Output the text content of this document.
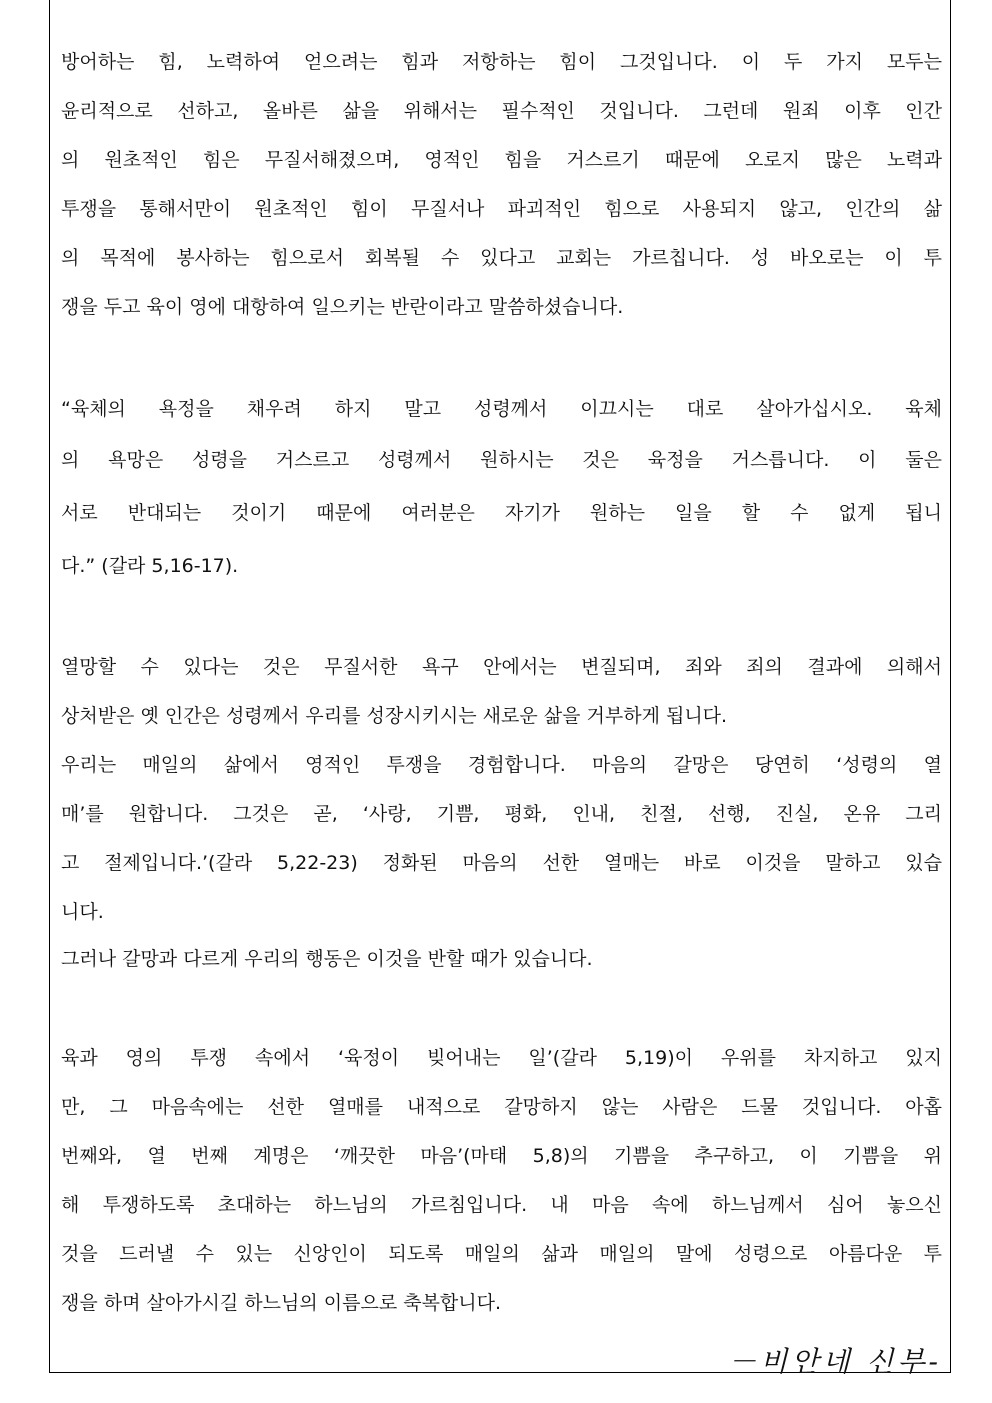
방어하는 힘, 노력하여 얻으려는 힘과 저항하는 힘이 그것입니다. 이 두 가지 모두는
윤리적으로 선하고, 올바른 삶을 위해서는 필수적인 것입니다. 그런데 원죄 이후 인간
의 원초적인 힘은 무질서해졌으며, 영적인 힘을 거스르기 때문에 오로지 많은 노력과
투쟁을 통해서만이 원초적인 힘이 무질서나 파괴적인 힘으로 사용되지 않고, 인간의 삶
의 목적에 봉사하는 힘으로서 회복될 수 있다고 교회는 가르칩니다. 성 바오로는 이 투
쟁을 두고 육이 영에 대항하여 일으키는 반란이라고 말씀하셨습니다.
“육체의 욕정을 채우려 하지 말고 성령께서 이끄시는 대로 살아가십시오. 육체
의 욕망은 성령을 거스르고 성령께서 원하시는 것은 육정을 거스릅니다. 이 둘은
서로 반대되는 것이기 때문에 여러분은 자기가 원하는 일을 할 수 없게 됩니
다.” (갈라 5,16-17).
열망할 수 있다는 것은 무질서한 욕구 안에서는 변질되며, 죄와 죄의 결과에 의해서
상처받은 옛 인간은 성령께서 우리를 성장시키시는 새로운 삶을 거부하게 됩니다.
우리는 매일의 삶에서 영적인 투쟁을 경험합니다. 마음의 갈망은 당연히 ‘성령의 열
매’를 원합니다. 그것은 곧, ‘사랑, 기쁨, 평화, 인내, 친절, 선행, 진실, 온유 그리
고 절제입니다.’(갈라 5,22-23) 정화된 마음의 선한 열매는 바로 이것을 말하고 있습
니다.
그러나 갈망과 다르게 우리의 행동은 이것을 반할 때가 있습니다.
육과 영의 투쟁 속에서 ‘육정이 빚어내는 일’(갈라 5,19)이 우위를 차지하고 있지
만, 그 마음속에는 선한 열매를 내적으로 갈망하지 않는 사람은 드물 것입니다. 아홉
번째와, 열 번째 계명은 ‘깨끗한 마음’(마태 5,8)의 기쁨을 추구하고, 이 기쁨을 위
해 투쟁하도록 초대하는 하느님의 가르침입니다. 내 마음 속에 하느님께서 심어 놓으신
것을 드러낼 수 있는 신앙인이 되도록 매일의 삶과 매일의 말에 성령으로 아름다운 투
쟁을 하며 살아가시길 하느님의 이름으로 축복합니다.
－비안네 신부-
